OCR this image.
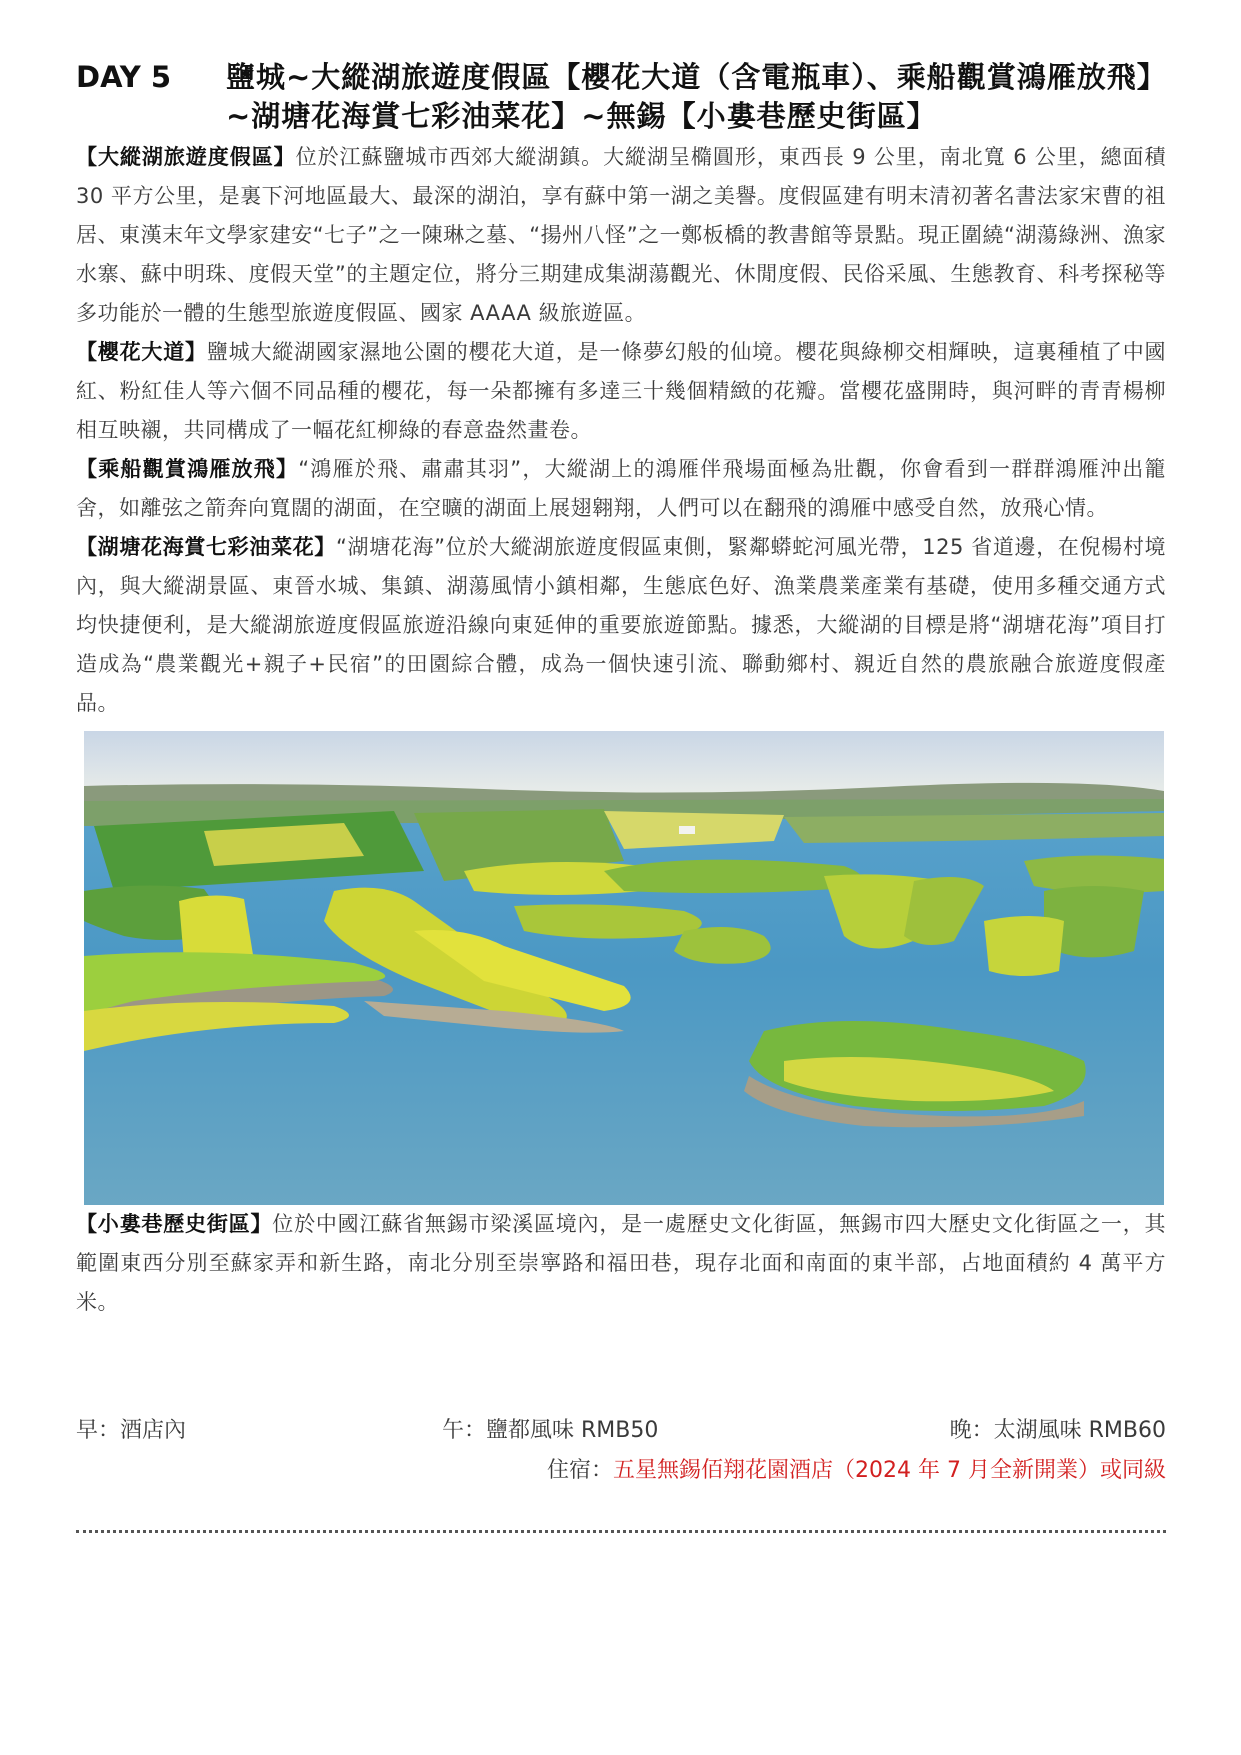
DAY 5	鹽城~大縱湖旅遊度假區【櫻花大道（含電瓶車）、乘船觀賞鴻雁放飛】~湖塘花海賞七彩油菜花】~無錫【小婁巷歷史街區】

【大縱湖旅遊度假區】位於江蘇鹽城市西郊大縱湖鎮。大縱湖呈橢圓形，東西長 9 公里，南北寬 6 公里，總面積 30 平方公里，是裏下河地區最大、最深的湖泊，享有蘇中第一湖之美譽。度假區建有明末清初著名書法家宋曹的祖居、東漢末年文學家建安“七子”之一陳琳之墓、“揚州八怪”之一鄭板橋的教書館等景點。現正圍繞“湖蕩綠洲、漁家水寨、蘇中明珠、度假天堂”的主題定位，將分三期建成集湖蕩觀光、休閒度假、民俗采風、生態教育、科考探秘等多功能於一體的生態型旅遊度假區、國家 AAAA 級旅遊區。

【櫻花大道】鹽城大縱湖國家濕地公園的櫻花大道，是一條夢幻般的仙境。櫻花與綠柳交相輝映，這裏種植了中國紅、粉紅佳人等六個不同品種的櫻花，每一朵都擁有多達三十幾個精緻的花瓣。當櫻花盛開時，與河畔的青青楊柳相互映襯，共同構成了一幅花紅柳綠的春意盎然畫卷。

【乘船觀賞鴻雁放飛】“鴻雁於飛、肅肅其羽”，大縱湖上的鴻雁伴飛場面極為壯觀，你會看到一群群鴻雁沖出籠舍，如離弦之箭奔向寬闊的湖面，在空曠的湖面上展翅翱翔，人們可以在翻飛的鴻雁中感受自然，放飛心情。

【湖塘花海賞七彩油菜花】“湖塘花海”位於大縱湖旅遊度假區東側，緊鄰蟒蛇河風光帶，125 省道邊，在倪楊村境內，與大縱湖景區、東晉水城、集鎮、湖蕩風情小鎮相鄰，生態底色好、漁業農業產業有基礎，使用多種交通方式均快捷便利，是大縱湖旅遊度假區旅遊沿線向東延伸的重要旅遊節點。據悉，大縱湖的目標是將“湖塘花海”項目打造成為“農業觀光+親子+民宿”的田園綜合體，成為一個快速引流、聯動鄉村、親近自然的農旅融合旅遊度假產品。

【小婁巷歷史街區】位於中國江蘇省無錫市梁溪區境內，是一處歷史文化街區，無錫市四大歷史文化街區之一，其範圍東西分別至蘇家弄和新生路，南北分別至崇寧路和福田巷，現存北面和南面的東半部，占地面積約 4 萬平方米。

早：酒店內	午：鹽都風味 RMB50	晚：太湖風味 RMB60
住宿：五星無錫佰翔花園酒店（2024 年 7 月全新開業）或同級
